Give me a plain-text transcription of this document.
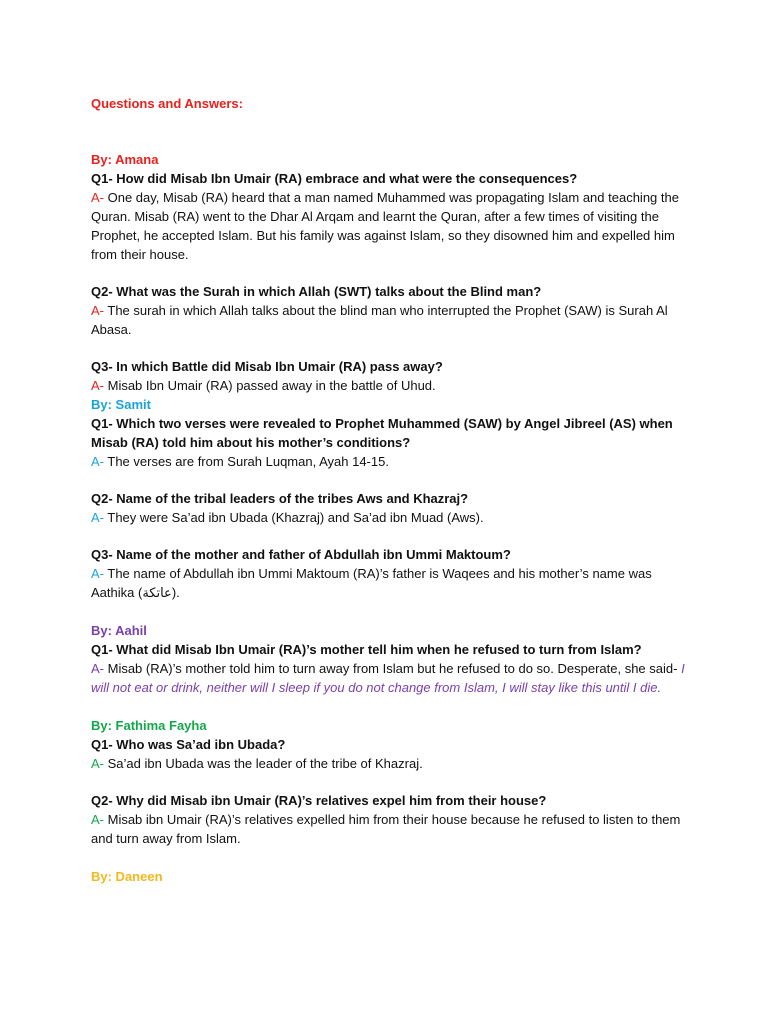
Questions and Answers:

By: Amana

Q1- How did Misab Ibn Umair (RA) embrace and what were the consequences?

A- One day, Misab (RA) heard that a man named Muhammed was propagating Islam and teaching the Quran. Misab (RA) went to the Dhar Al Arqam and learnt the Quran, after a few times of visiting the Prophet, he accepted Islam. But his family was against Islam, so they disowned him and expelled him from their house.

Q2- What was the Surah in which Allah (SWT) talks about the Blind man?

A- The surah in which Allah talks about the blind man who interrupted the Prophet (SAW) is Surah Al Abasa.

Q3- In which Battle did Misab Ibn Umair (RA) pass away?

A- Misab Ibn Umair (RA) passed away in the battle of Uhud.

By: Samit

Q1- Which two verses were revealed to Prophet Muhammed (SAW) by Angel Jibreel (AS) when Misab (RA) told him about his mother’s conditions?

A- The verses are from Surah Luqman, Ayah 14-15.

Q2- Name of the tribal leaders of the tribes Aws and Khazraj?

A- They were Sa’ad ibn Ubada (Khazraj) and Sa’ad ibn Muad (Aws).

Q3- Name of the mother and father of Abdullah ibn Ummi Maktoum?

A- The name of Abdullah ibn Ummi Maktoum (RA)’s father is Waqees and his mother’s name was Aathika (عاتكة).

By: Aahil

Q1- What did Misab Ibn Umair (RA)’s mother tell him when he refused to turn from Islam?

A- Misab (RA)’s mother told him to turn away from Islam but he refused to do so. Desperate, she said- I will not eat or drink, neither will I sleep if you do not change from Islam, I will stay like this until I die.

By: Fathima Fayha

Q1- Who was Sa’ad ibn Ubada?

A- Sa’ad ibn Ubada was the leader of the tribe of Khazraj.

Q2- Why did Misab ibn Umair (RA)’s relatives expel him from their house?

A- Misab ibn Umair (RA)’s relatives expelled him from their house because he refused to listen to them and turn away from Islam.

By: Daneen
